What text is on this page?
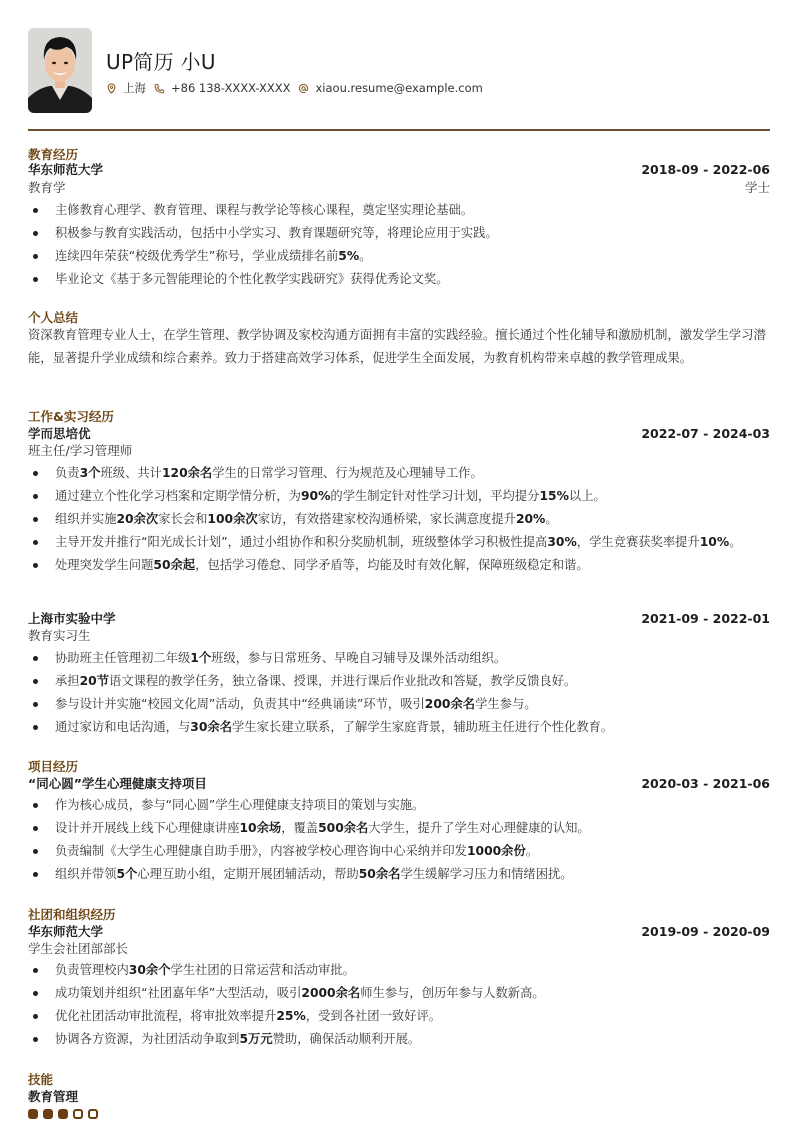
UP简历 小U
上海 +86 138-XXXX-XXXX xiaou.resume@example.com
教育经历
华东师范大学	2018-09 - 2022-06
教育学	学士
主修教育心理学、教育管理、课程与教学论等核心课程，奠定坚实理论基础。
积极参与教育实践活动，包括中小学实习、教育课题研究等，将理论应用于实践。
连续四年荣获“校级优秀学生”称号，学业成绩排名前5%。
毕业论文《基于多元智能理论的个性化教学实践研究》获得优秀论文奖。
个人总结
资深教育管理专业人士，在学生管理、教学协调及家校沟通方面拥有丰富的实践经验。擅长通过个性化辅导和激励机制，激发学生学习潜能，显著提升学业成绩和综合素养。致力于搭建高效学习体系，促进学生全面发展，为教育机构带来卓越的教学管理成果。
工作&实习经历
学而思培优	2022-07 - 2024-03
班主任/学习管理师
负责3个班级、共计120余名学生的日常学习管理、行为规范及心理辅导工作。
通过建立个性化学习档案和定期学情分析，为90%的学生制定针对性学习计划，平均提分15%以上。
组织并实施20余次家长会和100余次家访，有效搭建家校沟通桥梁，家长满意度提升20%。
主导开发并推行“阳光成长计划”，通过小组协作和积分奖励机制，班级整体学习积极性提高30%，学生竞赛获奖率提升10%。
处理突发学生问题50余起，包括学习倦怠、同学矛盾等，均能及时有效化解，保障班级稳定和谐。
上海市实验中学	2021-09 - 2022-01
教育实习生
协助班主任管理初二年级1个班级，参与日常班务、早晚自习辅导及课外活动组织。
承担20节语文课程的教学任务，独立备课、授课，并进行课后作业批改和答疑，教学反馈良好。
参与设计并实施“校园文化周”活动，负责其中“经典诵读”环节，吸引200余名学生参与。
通过家访和电话沟通，与30余名学生家长建立联系，了解学生家庭背景，辅助班主任进行个性化教育。
项目经历
“同心圆”学生心理健康支持项目	2020-03 - 2021-06
作为核心成员，参与“同心圆”学生心理健康支持项目的策划与实施。
设计并开展线上线下心理健康讲座10余场，覆盖500余名大学生，提升了学生对心理健康的认知。
负责编制《大学生心理健康自助手册》，内容被学校心理咨询中心采纳并印发1000余份。
组织并带领5个心理互助小组，定期开展团辅活动，帮助50余名学生缓解学习压力和情绪困扰。
社团和组织经历
华东师范大学	2019-09 - 2020-09
学生会社团部部长
负责管理校内30余个学生社团的日常运营和活动审批。
成功策划并组织“社团嘉年华”大型活动，吸引2000余名师生参与，创历年参与人数新高。
优化社团活动审批流程，将审批效率提升25%，受到各社团一致好评。
协调各方资源，为社团活动争取到5万元赞助，确保活动顺利开展。
技能
教育管理
